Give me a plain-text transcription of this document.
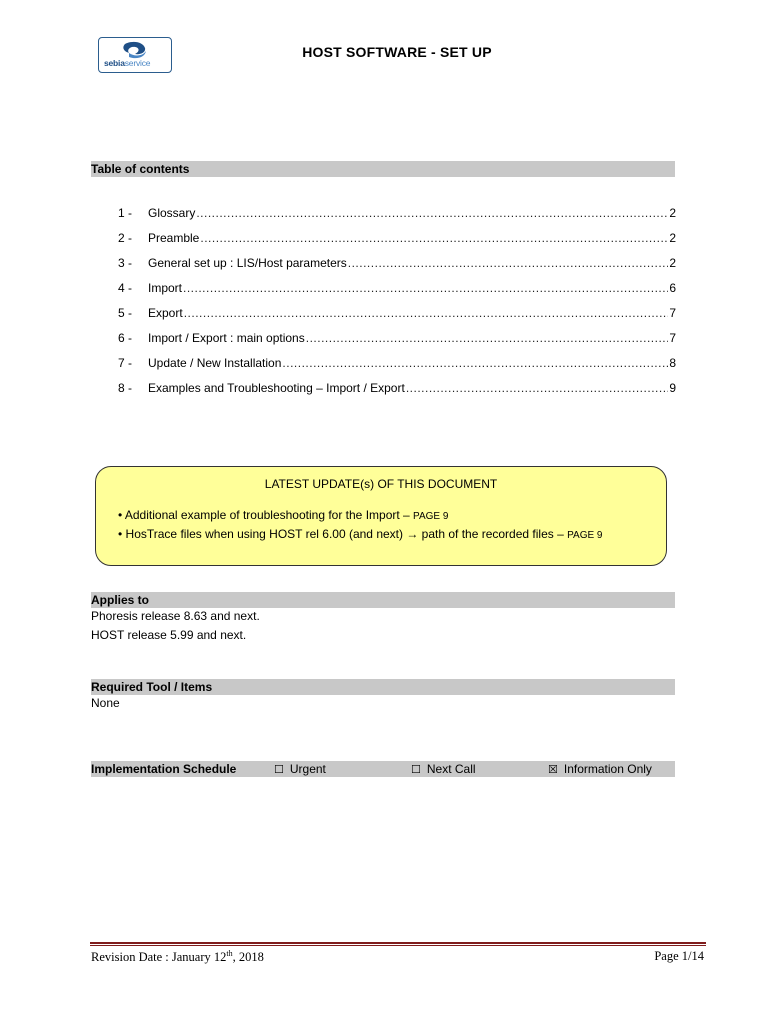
sebiaservice
HOST SOFTWARE - SET UP
Table of contents
1 -	Glossary .....	2
2 -	Preamble .....	2
3 -	General set up : LIS/Host parameters .....	2
4 -	Import .....	6
5 -	Export .....	7
6 -	Import / Export : main options .....	7
7 -	Update / New Installation .....	8
8 -	Examples and Troubleshooting – Import / Export .....	9
LATEST UPDATE(s) OF THIS DOCUMENT
• Additional example of troubleshooting for the Import – PAGE 9
• HosTrace files when using HOST rel 6.00 (and next) → path of the recorded files – PAGE 9
Applies to
Phoresis release 8.63 and next.
HOST release 5.99 and next.
Required Tool / Items
None
Implementation Schedule	☐ Urgent	☐ Next Call	☒ Information Only
Revision Date : January 12th, 2018	Page 1/14
